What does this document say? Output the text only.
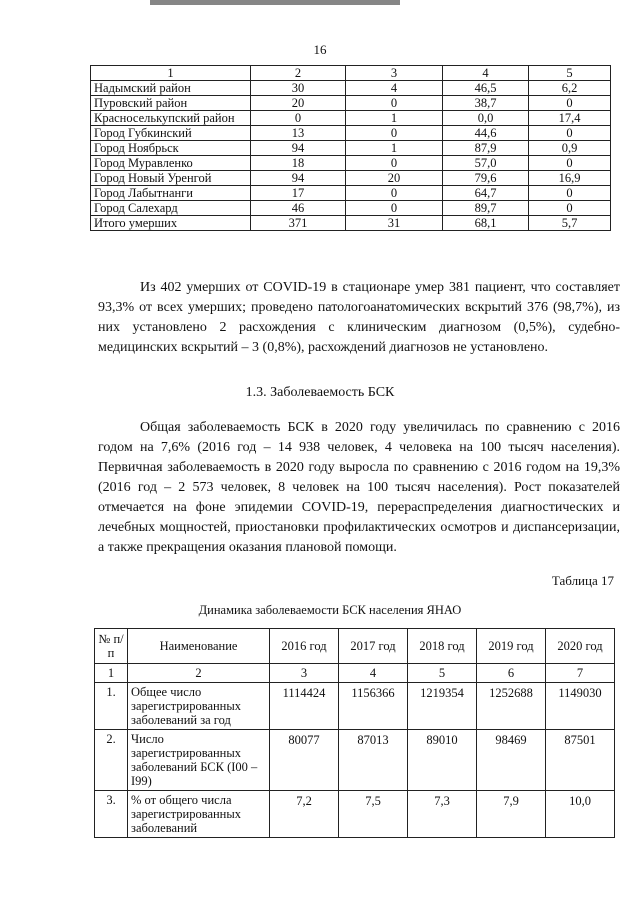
16
1	2	3	4	5
Надымский район	30	4	46,5	6,2
Пуровский район	20	0	38,7	0
Красноселькупский район	0	1	0,0	17,4
Город Губкинский	13	0	44,6	0
Город Ноябрьск	94	1	87,9	0,9
Город Муравленко	18	0	57,0	0
Город Новый Уренгой	94	20	79,6	16,9
Город Лабытнанги	17	0	64,7	0
Город Салехард	46	0	89,7	0
Итого умерших	371	31	68,1	5,7
Из 402 умерших от COVID-19 в стационаре умер 381 пациент, что составляет 93,3% от всех умерших; проведено патологоанатомических вскрытий 376 (98,7%), из них установлено 2 расхождения с клиническим диагнозом (0,5%), судебно-медицинских вскрытий – 3 (0,8%), расхождений диагнозов не установлено.
1.3. Заболеваемость БСК
Общая заболеваемость БСК в 2020 году увеличилась по сравнению с 2016 годом на 7,6% (2016 год – 14 938 человек, 4 человека на 100 тысяч населения). Первичная заболеваемость в 2020 году выросла по сравнению с 2016 годом на 19,3% (2016 год – 2 573 человек, 8 человек на 100 тысяч населения). Рост показателей отмечается на фоне эпидемии COVID-19, перераспределения диагностических и лечебных мощностей, приостановки профилактических осмотров и диспансеризации, а также прекращения оказания плановой помощи.
Таблица 17
Динамика заболеваемости БСК населения ЯНАО
№ п/п	Наименование	2016 год	2017 год	2018 год	2019 год	2020 год
1	2	3	4	5	6	7
1.	Общее число зарегистрированных заболеваний за год	1114424	1156366	1219354	1252688	1149030
2.	Число зарегистрированных заболеваний БСК (I00 – I99)	80077	87013	89010	98469	87501
3.	% от общего числа зарегистрированных заболеваний	7,2	7,5	7,3	7,9	10,0
